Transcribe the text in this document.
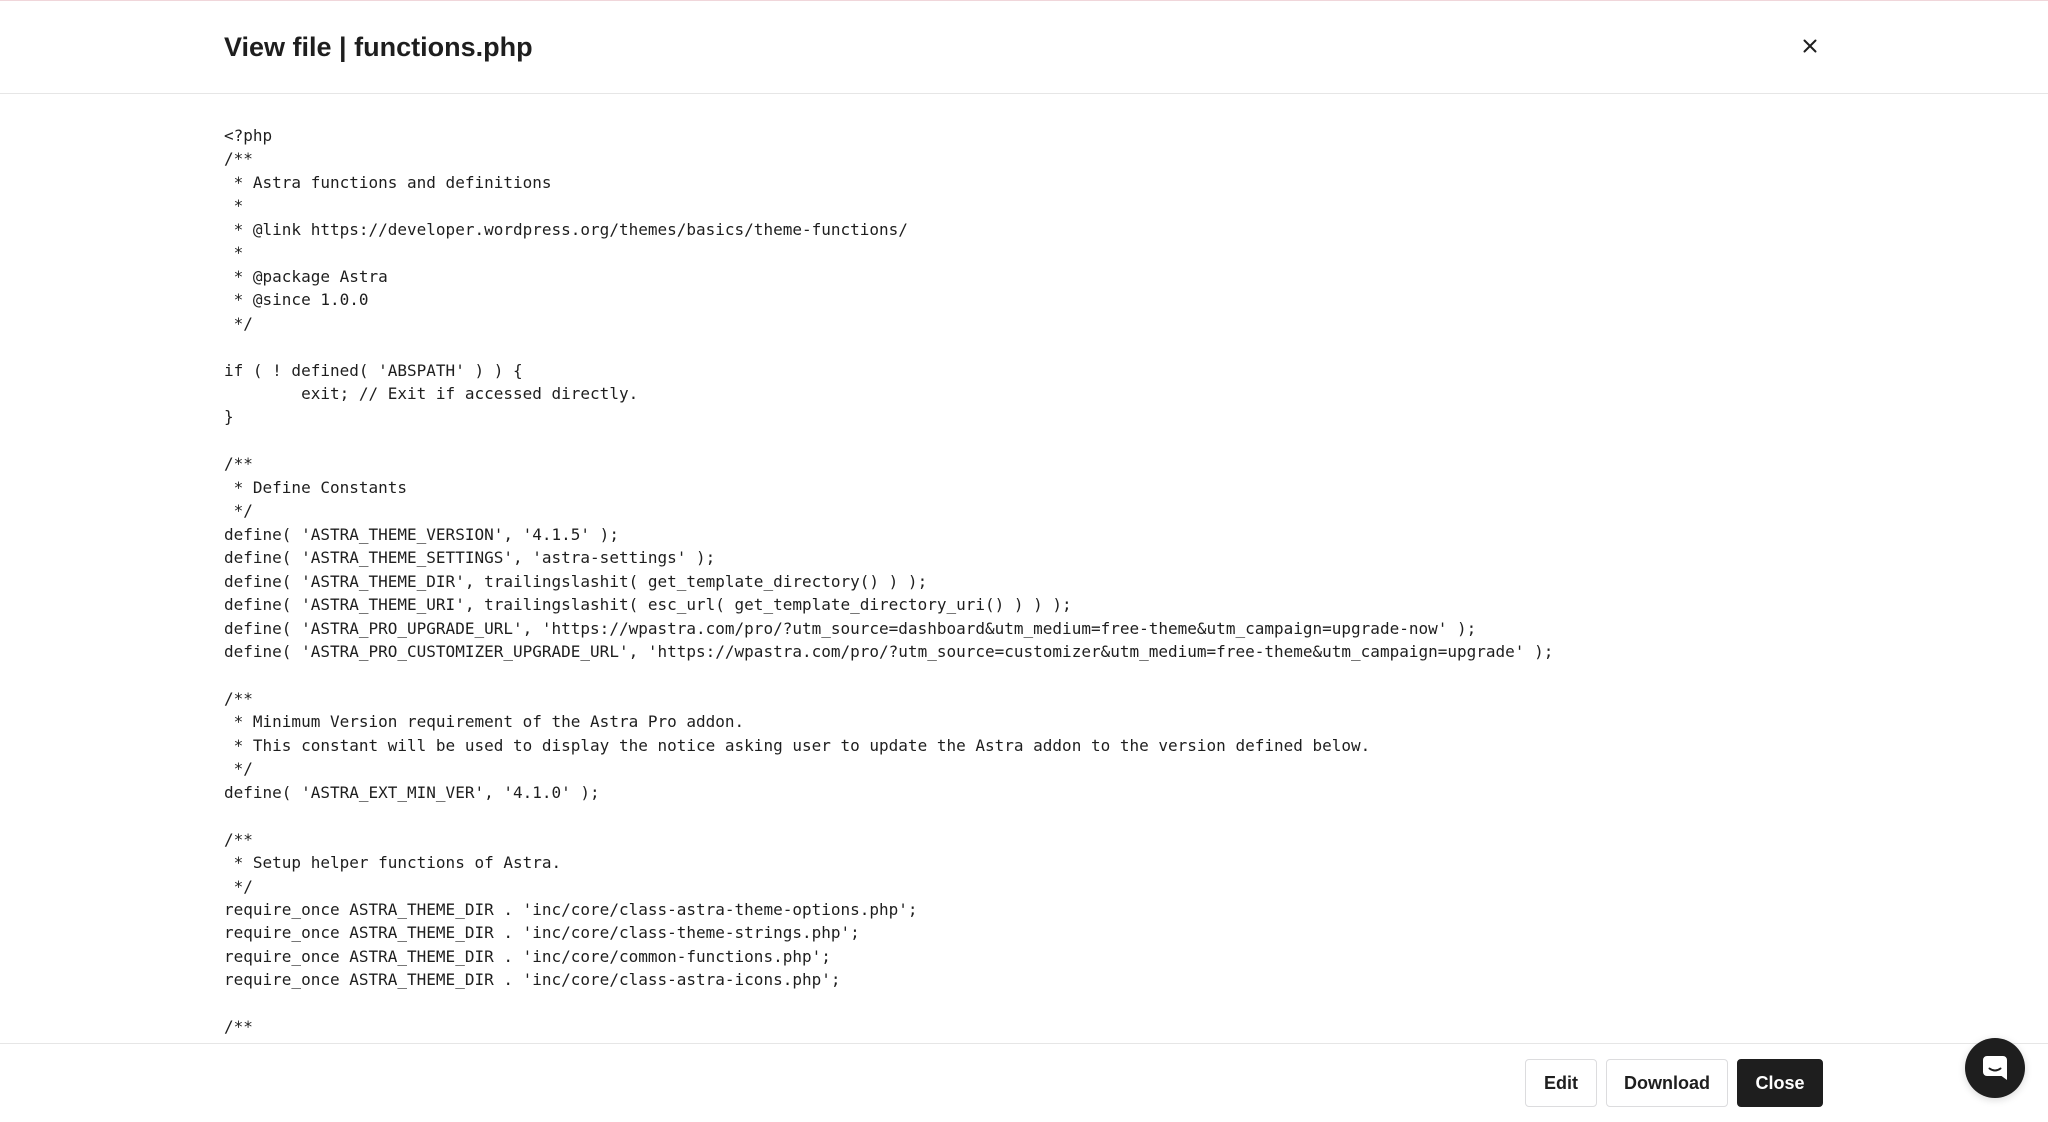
View file | functions.php
<?php
/**
* Astra functions and definitions
*
* @link https://developer.wordpress.org/themes/basics/theme-functions/
*
* @package Astra
* @since 1.0.0
*/

if ( ! defined( 'ABSPATH' ) ) {
	exit; // Exit if accessed directly.
}

/**
* Define Constants
*/
define( 'ASTRA_THEME_VERSION', '4.1.5' );
define( 'ASTRA_THEME_SETTINGS', 'astra-settings' );
define( 'ASTRA_THEME_DIR', trailingslashit( get_template_directory() ) );
define( 'ASTRA_THEME_URI', trailingslashit( esc_url( get_template_directory_uri() ) ) );
define( 'ASTRA_PRO_UPGRADE_URL', 'https://wpastra.com/pro/?utm_source=dashboard&utm_medium=free-theme&utm_campaign=upgrade-now' );
define( 'ASTRA_PRO_CUSTOMIZER_UPGRADE_URL', 'https://wpastra.com/pro/?utm_source=customizer&utm_medium=free-theme&utm_campaign=upgrade' );

/**
* Minimum Version requirement of the Astra Pro addon.
* This constant will be used to display the notice asking user to update the Astra addon to the version defined below.
*/
define( 'ASTRA_EXT_MIN_VER', '4.1.0' );

/**
* Setup helper functions of Astra.
*/
require_once ASTRA_THEME_DIR . 'inc/core/class-astra-theme-options.php';
require_once ASTRA_THEME_DIR . 'inc/core/class-theme-strings.php';
require_once ASTRA_THEME_DIR . 'inc/core/common-functions.php';
require_once ASTRA_THEME_DIR . 'inc/core/class-astra-icons.php';

/**
Edit	Download	Close
